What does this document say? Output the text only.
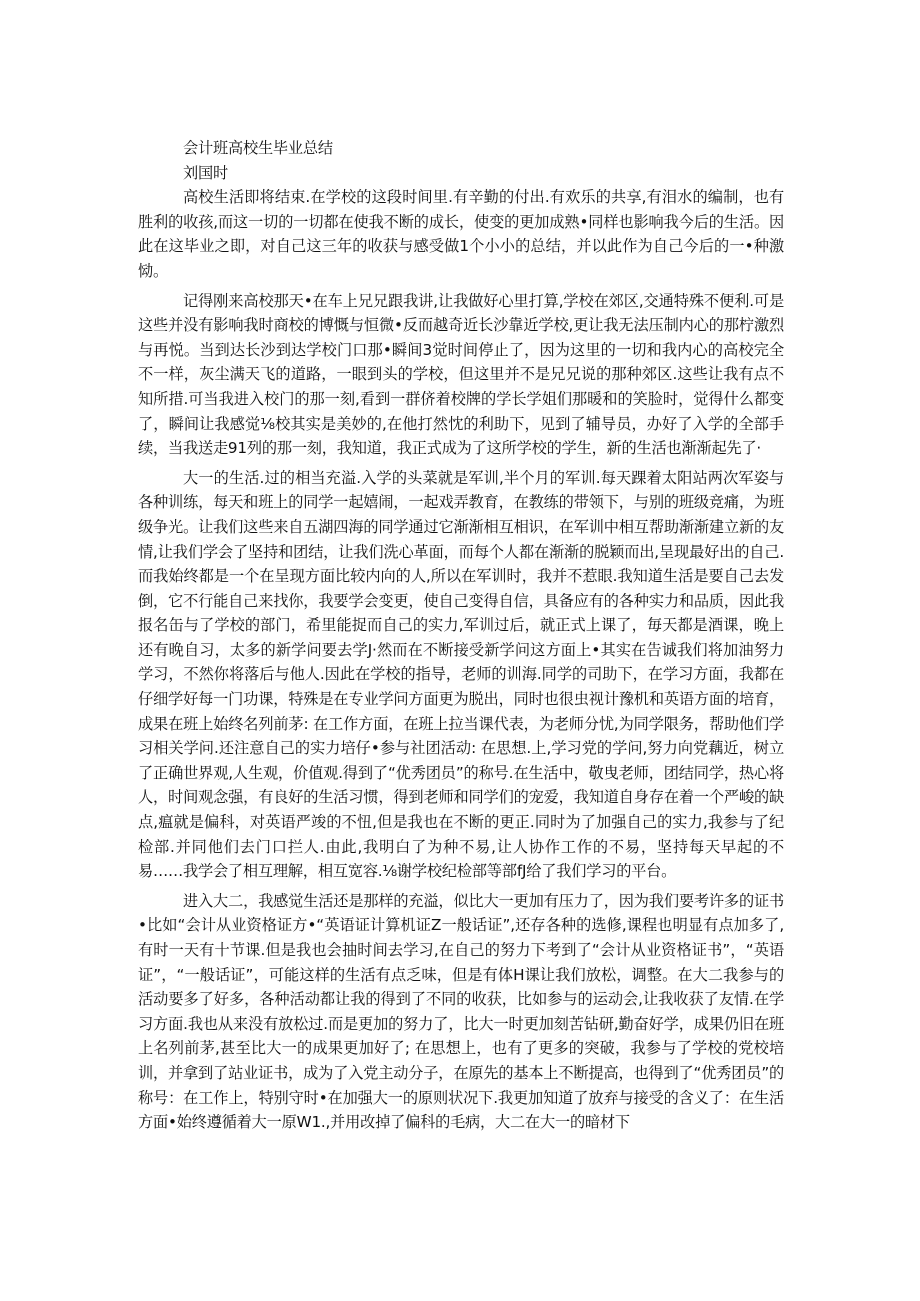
会计班高校生毕业总结

刘国时

高校生活即将结束.在学校的这段时间里.有辛勤的付出.有欢乐的共享,有泪水的编制，也有胜利的收孩,而这一切的一切都在使我不断的成长，使变的更加成熟•同样也影响我今后的生活。因此在这毕业之即，对自己这三年的收获与感受做1个小小的总结，并以此作为自己今后的一•种激恸。

记得刚来高校那天•在车上兄兄跟我讲,让我做好心里打算,学校在郊区,交通特殊不便利.可是这些并没有影响我时商校的博慨与恒微•反而越奇近长沙靠近学校,更让我无法压制内心的那柠激烈与再悦。当到达长沙到达学校门口那•瞬间3觉时间停止了，因为这里的一切和我内心的高校完全不一样，灰尘满天飞的道路，一眼到头的学校，但这里并不是兄兄说的那种郊区.这些让我有点不知所措.可当我进入校门的那一刻,看到一群侪着校牌的学长学姐们那暖和的笑脸时，觉得什么都变了，瞬间让我感觉⅛校其实是美妙的,在他打然忱的利助下，见到了辅导员，办好了入学的全部手续，当我送走91列的那一刻，我知道，我正式成为了这所学校的学生，新的生活也渐渐起先了·

大一的生活.过的相当充溢.入学的头菜就是军训,半个月的军训.每天踝着太阳站两次军姿与各种训练，每天和班上的同学一起嬉闹，一起戏弄教育，在教练的带领下，与别的班级竞痛，为班级争光。让我们这些来自五湖四海的同学通过它渐渐相互相识，在军训中相互帮助渐渐建立新的友情,让我们学会了坚持和团结，让我们洗心革面，而每个人都在渐渐的脱颖而出,呈现最好出的自己.而我始终都是一个在呈现方面比较内向的人,所以在军训时，我并不惹眼.我知道生活是要自己去发倒，它不行能自己来找你，我要学会变更，使自己变得自信，具备应有的各种实力和品质，因此我报名缶与了学校的部门，希里能捉而自己的实力,军训过后，就正式上课了，毎天都是酒课，晚上还有晚自习，太多的新学问要去学J·然而在不断接受新学问这方面上•其实在告诚我们将加油努力学习，不然你将落后与他人.因此在学校的指导，老师的训海.同学的司助下，在学习方面，我都在仔细学好每一门功课，特殊是在专业学问方面更为脱出，同时也很虫视计豫机和英语方面的培育，成果在班上始终名列前茅: 在工作方面，在班上拉当课代表，为老师分忧,为同学限务，帮助他们学习相关学问.还注意自己的实力培仔•参与社团活动: 在思想.上,学习党的学问,努力向党藕近，树立了正确世界观,人生观，价值观.得到了“优秀团员”的称号.在生活中，敬曳老师，团结同学，热心将人，时间观念强，有良好的生活习惯，得到老师和同学们的宠爱，我知道自身存在着一个严峻的缺点,瘟就是偏科，对英语严竣的不忸,但是我也在不断的更正.同时为了加强自己的实力,我参与了纪检部.并同他们去门口拦人.由此,我明白了为种不易,让人协作工作的不易，坚持每天早起的不易……我学会了相互理解，相互宽容.⅛谢学校纪检部等部fJ给了我们学习的平台。

进入大二，我感觉生活还是那样的充溢，似比大一更加有压力了，因为我们要考许多的证书•比如“会计从业资格证方•“英语证计算机证Z一般话证”,还存各种的选修,课程也明显有点加多了,有时一天有十节课.但是我也会抽时间去学习,在自己的努力下考到了“会计从业资格证书”，“英语证”，“一般话证”，可能这样的生活有点乏味，但是有体H课让我们放松，调整。在大二我参与的活动要多了好多，各种活动都让我的得到了不同的收获，比如参与的运动会,让我收获了友情.在学习方面.我也从来没有放松过.而是更加的努力了，比大一时更加刻苦钻研,勤奋好学，成果仍旧在班上名列前茅,甚至比大一的成果更加好了; 在思想上，也有了更多的突破，我参与了学校的党校培训，并拿到了站业证书，成为了入党主动分子，在原先的基本上不断提高，也得到了“优秀团员”的称号：在工作上，特别守时•在加强大一的原则状况下.我更加知道了放弃与接受的含义了：在生活方面•始终遵循着大一原W1.,并用改掉了偏科的毛病，大二在大一的暗材下
